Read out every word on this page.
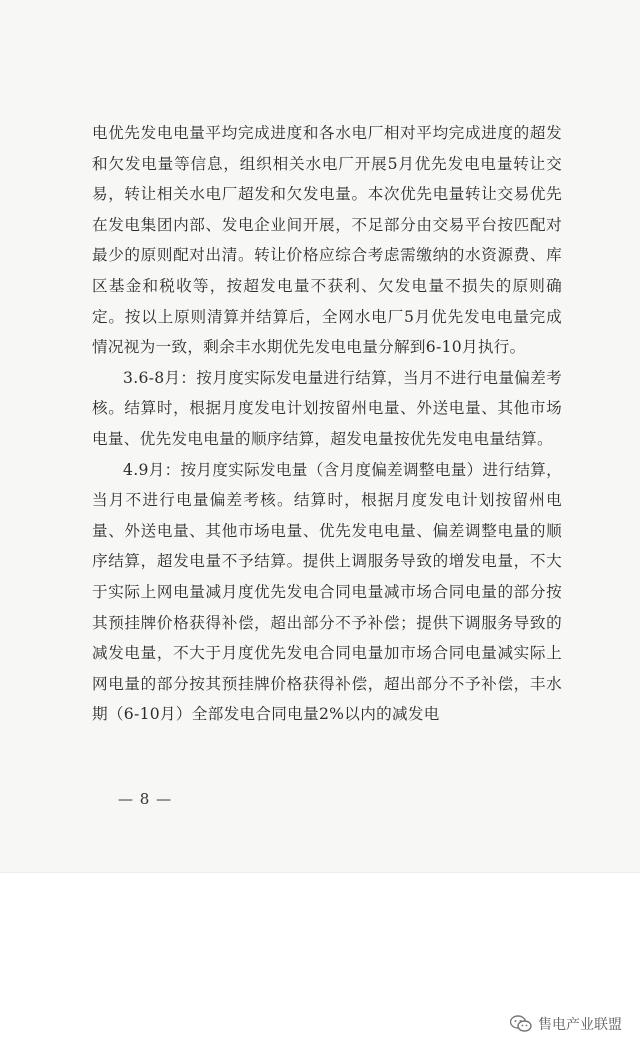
电优先发电电量平均完成进度和各水电厂相对平均完成进度的超发和欠发电量等信息，组织相关水电厂开展5月优先发电电量转让交易，转让相关水电厂超发和欠发电量。本次优先电量转让交易优先在发电集团内部、发电企业间开展，不足部分由交易平台按匹配对最少的原则配对出清。转让价格应综合考虑需缴纳的水资源费、库区基金和税收等，按超发电量不获利、欠发电量不损失的原则确定。按以上原则清算并结算后，全网水电厂5月优先发电电量完成情况视为一致，剩余丰水期优先发电电量分解到6-10月执行。

3.6-8月：按月度实际发电量进行结算，当月不进行电量偏差考核。结算时，根据月度发电计划按留州电量、外送电量、其他市场电量、优先发电电量的顺序结算，超发电量按优先发电电量结算。

4.9月：按月度实际发电量（含月度偏差调整电量）进行结算，当月不进行电量偏差考核。结算时，根据月度发电计划按留州电量、外送电量、其他市场电量、优先发电电量、偏差调整电量的顺序结算，超发电量不予结算。提供上调服务导致的增发电量，不大于实际上网电量减月度优先发电合同电量减市场合同电量的部分按其预挂牌价格获得补偿，超出部分不予补偿；提供下调服务导致的减发电量，不大于月度优先发电合同电量加市场合同电量减实际上网电量的部分按其预挂牌价格获得补偿，超出部分不予补偿，丰水期（6-10月）全部发电合同电量2%以内的减发电

— 8 —
售电产业联盟
